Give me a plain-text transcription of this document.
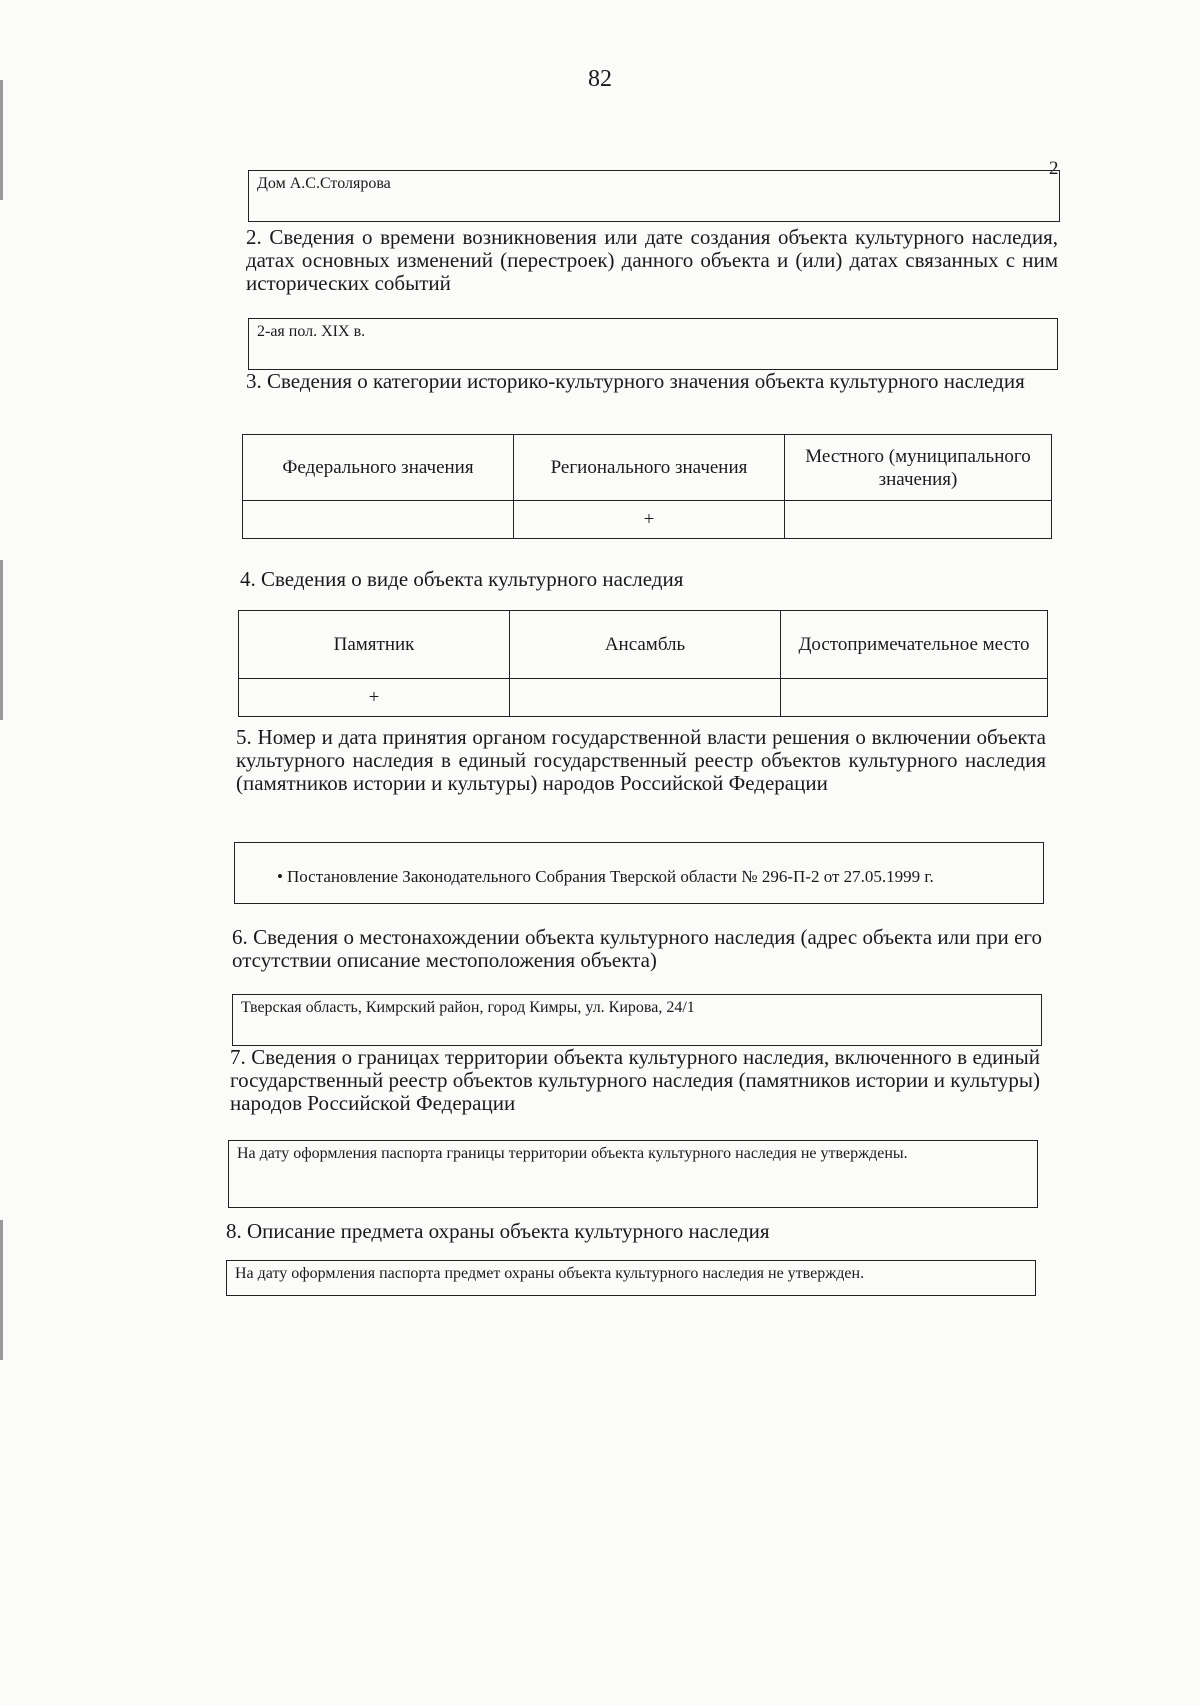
82
2
Дом А.С.Столярова
2. Сведения о времени возникновения или дате создания объекта культурного наследия, датах основных изменений (перестроек) данного объекта и (или) датах связанных с ним исторических событий
2-ая пол. XIX в.
3. Сведения о категории историко-культурного значения объекта культурного наследия
Федерального значения	Регионального значения	Местного (муниципального значения)
	+	
4. Сведения о виде объекта культурного наследия
Памятник	Ансамбль	Достопримечательное место
+		
5. Номер и дата принятия органом государственной власти решения о включении объекта культурного наследия в единый государственный реестр объектов культурного наследия (памятников истории и культуры) народов Российской Федерации
• Постановление Законодательного Собрания Тверской области № 296-П-2 от 27.05.1999 г.
6. Сведения о местонахождении объекта культурного наследия (адрес объекта или при его отсутствии описание местоположения объекта)
Тверская область, Кимрский район, город Кимры, ул. Кирова, 24/1
7. Сведения о границах территории объекта культурного наследия, включенного в единый государственный реестр объектов культурного наследия (памятников истории и культуры) народов Российской Федерации
На дату оформления паспорта границы территории объекта культурного наследия не утверждены.
8. Описание предмета охраны объекта культурного наследия
На дату оформления паспорта предмет охраны объекта культурного наследия не утвержден.
